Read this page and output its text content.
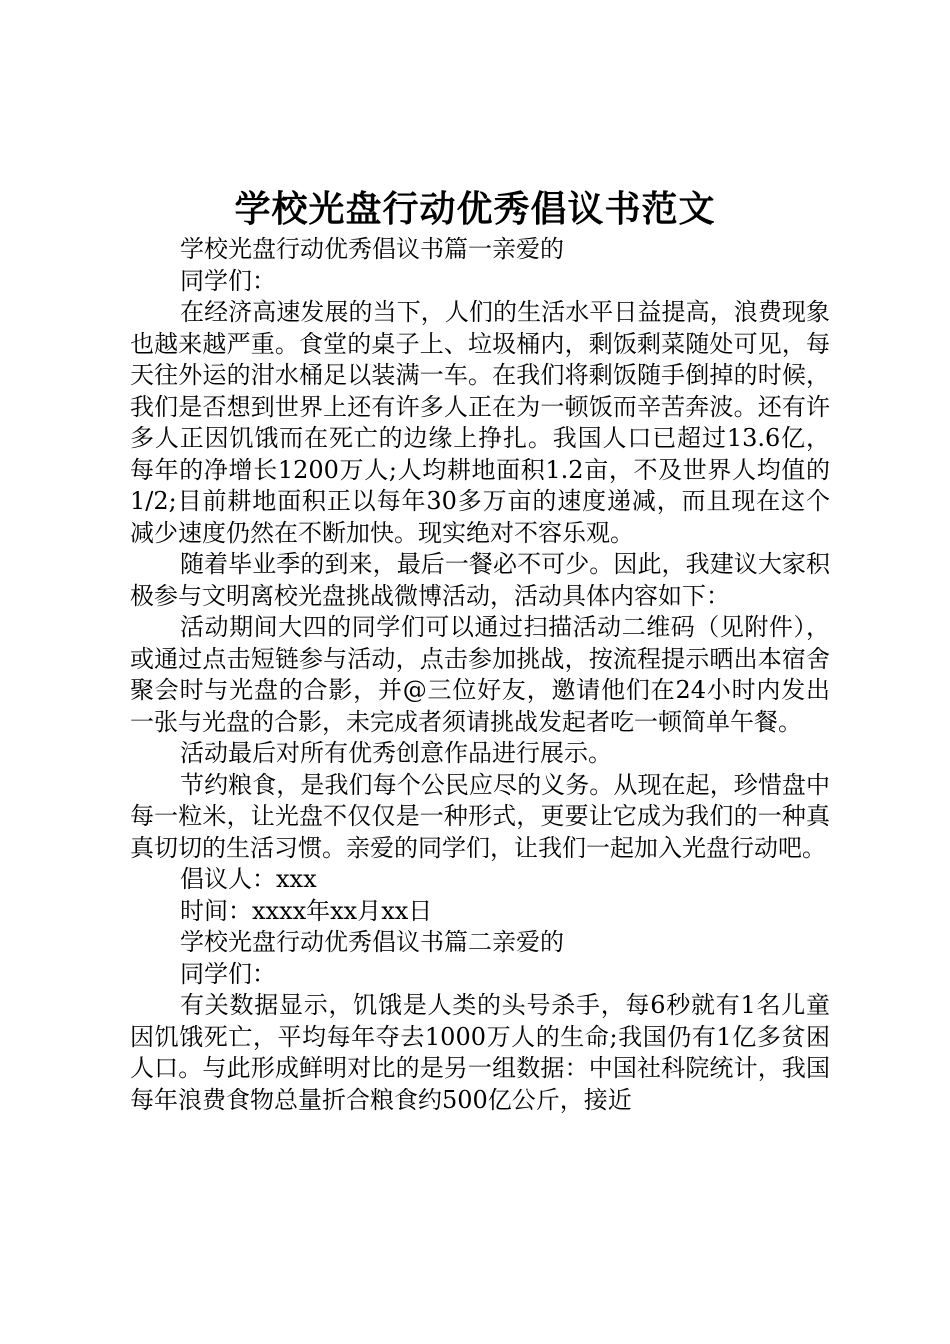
学校光盘行动优秀倡议书范文

学校光盘行动优秀倡议书篇一亲爱的

同学们：

在经济高速发展的当下，人们的生活水平日益提高，浪费现象也越来越严重。食堂的桌子上、垃圾桶内，剩饭剩菜随处可见，每天往外运的泔水桶足以装满一车。在我们将剩饭随手倒掉的时候，我们是否想到世界上还有许多人正在为一顿饭而辛苦奔波。还有许多人正因饥饿而在死亡的边缘上挣扎。我国人口已超过13.6亿，每年的净增长1200万人;人均耕地面积1.2亩，不及世界人均值的1/2;目前耕地面积正以每年30多万亩的速度递减，而且现在这个减少速度仍然在不断加快。现实绝对不容乐观。

随着毕业季的到来，最后一餐必不可少。因此，我建议大家积极参与文明离校光盘挑战微博活动，活动具体内容如下：

活动期间大四的同学们可以通过扫描活动二维码（见附件），或通过点击短链参与活动，点击参加挑战，按流程提示晒出本宿舍聚会时与光盘的合影，并@三位好友，邀请他们在24小时内发出一张与光盘的合影，未完成者须请挑战发起者吃一顿简单午餐。

活动最后对所有优秀创意作品进行展示。

节约粮食，是我们每个公民应尽的义务。从现在起，珍惜盘中每一粒米，让光盘不仅仅是一种形式，更要让它成为我们的一种真真切切的生活习惯。亲爱的同学们，让我们一起加入光盘行动吧。

倡议人：xxx

时间：xxxx年xx月xx日

学校光盘行动优秀倡议书篇二亲爱的

同学们：

有关数据显示，饥饿是人类的头号杀手，每6秒就有1名儿童因饥饿死亡，平均每年夺去1000万人的生命;我国仍有1亿多贫困人口。与此形成鲜明对比的是另一组数据：中国社科院统计，我国每年浪费食物总量折合粮食约500亿公斤，接近
